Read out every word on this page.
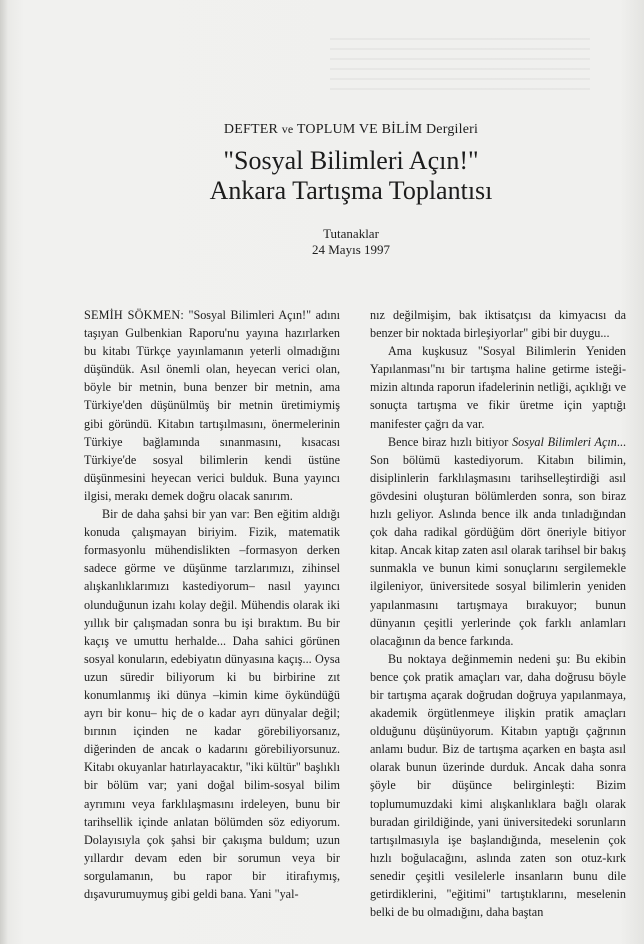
DEFTER ve TOPLUM VE BİLİM Dergileri
"Sosyal Bilimleri Açın!"
Ankara Tartışma Toplantısı
Tutanaklar
24 Mayıs 1997

SEMİH SÖKMEN: "Sosyal Bilimleri Açın!" adını taşıyan Gulbenkian Raporu'nu yayına hazırlarken bu kitabı Türkçe yayınlamanın yeterli olmadığını düşündük. Asıl önemli olan, heyecan verici olan, böyle bir metnin, buna benzer bir metnin, ama Türkiye'den düşünülmüş bir metnin üretimiymiş gibi göründü. Kitabın tartışılmasını, önermelerinin Türkiye bağlamında sınanmasını, kısacası Türkiye'de sosyal bilimlerin kendi üstüne düşünmesini heyecan verici bulduk. Buna yayıncı ilgisi, merakı demek doğru olacak sanırım.

Bir de daha şahsi bir yan var: Ben eğitim aldığı konuda çalışmayan biriyim. Fizik, matematik formasyonlu mühendislikten –formasyon derken sadece görme ve düşünme tarzlarımızı, zihinsel alışkanlıklarımızı kastediyorum– nasıl yayıncı olunduğunun izahı kolay değil. Mühendis olarak iki yıllık bir çalışmadan sonra bu işi bıraktım. Bu bir kaçış ve umuttu herhalde... Daha sahici görünen sosyal konuların, edebiyatın dünyasına kaçış... Oysa uzun süredir biliyorum ki bu birbirine zıt konumlanmış iki dünya –kimin kime öykündüğü ayrı bir konu– hiç de o kadar ayrı dünyalar değil; bırının içinden ne kadar görebiliyorsanız, diğerinden de ancak o kadarını görebiliyorsunuz. Kitabı okuyanlar hatırlayacaktır, "iki kültür" başlıklı bir bölüm var; yani doğal bilim-sosyal bilim ayrımını veya farklılaşmasını irdeleyen, bunu bir tarihsellik içinde anlatan bölümden söz ediyorum. Dolayısıyla çok şahsi bir çakışma buldum; uzun yıllardır devam eden bir sorumun veya bir sorgulamanın, bu rapor bir itirafıymış, dışavurumuymuş gibi geldi bana. Yani "yal-

nız değilmişim, bak iktisatçısı da kimyacısı da benzer bir noktada birleşiyorlar" gibi bir duygu...

Ama kuşkusuz "Sosyal Bilimlerin Yeniden Yapılanması"nı bir tartışma haline getirme isteğimizin altında raporun ifadelerinin netliği, açıklığı ve sonuçta tartışma ve fikir üretme için yaptığı manifester çağrı da var.

Bence biraz hızlı bitiyor Sosyal Bilimleri Açın... Son bölümü kastediyorum. Kitabın bilimin, disiplinlerin farklılaşmasını tarihselleştirdiği asıl gövdesini oluşturan bölümlerden sonra, son biraz hızlı geliyor. Aslında bence ilk anda tınladığından çok daha radikal gördüğüm dört öneriyle bitiyor kitap. Ancak kitap zaten asıl olarak tarihsel bir bakış sunmakla ve bunun kimi sonuçlarını sergilemekle ilgileniyor, üniversitede sosyal bilimlerin yeniden yapılanmasını tartışmaya bırakuyor; bunun dünyanın çeşitli yerlerinde çok farklı anlamları olacağının da bence farkında.

Bu noktaya değinmemin nedeni şu: Bu ekibin bence çok pratik amaçları var, daha doğrusu böyle bir tartışma açarak doğrudan doğruya yapılanmaya, akademik örgütlenmeye ilişkin pratik amaçları olduğunu düşünüyorum. Kitabın yaptığı çağrının anlamı budur. Biz de tartışma açarken en başta asıl olarak bunun üzerinde durduk. Ancak daha sonra şöyle bir düşünce belirginleşti: Bizim toplumumuzdaki kimi alışkanlıklara bağlı olarak buradan girildiğinde, yani üniversitedeki sorunların tartışılmasıyla işe başlandığında, meselenin çok hızlı boğulacağını, aslında zaten son otuz-kırk senedir çeşitli vesilelerle insanların bunu dile getirdiklerini, "eğitimi" tartıştıklarını, meselenin belki de bu olmadığını, daha baştan
